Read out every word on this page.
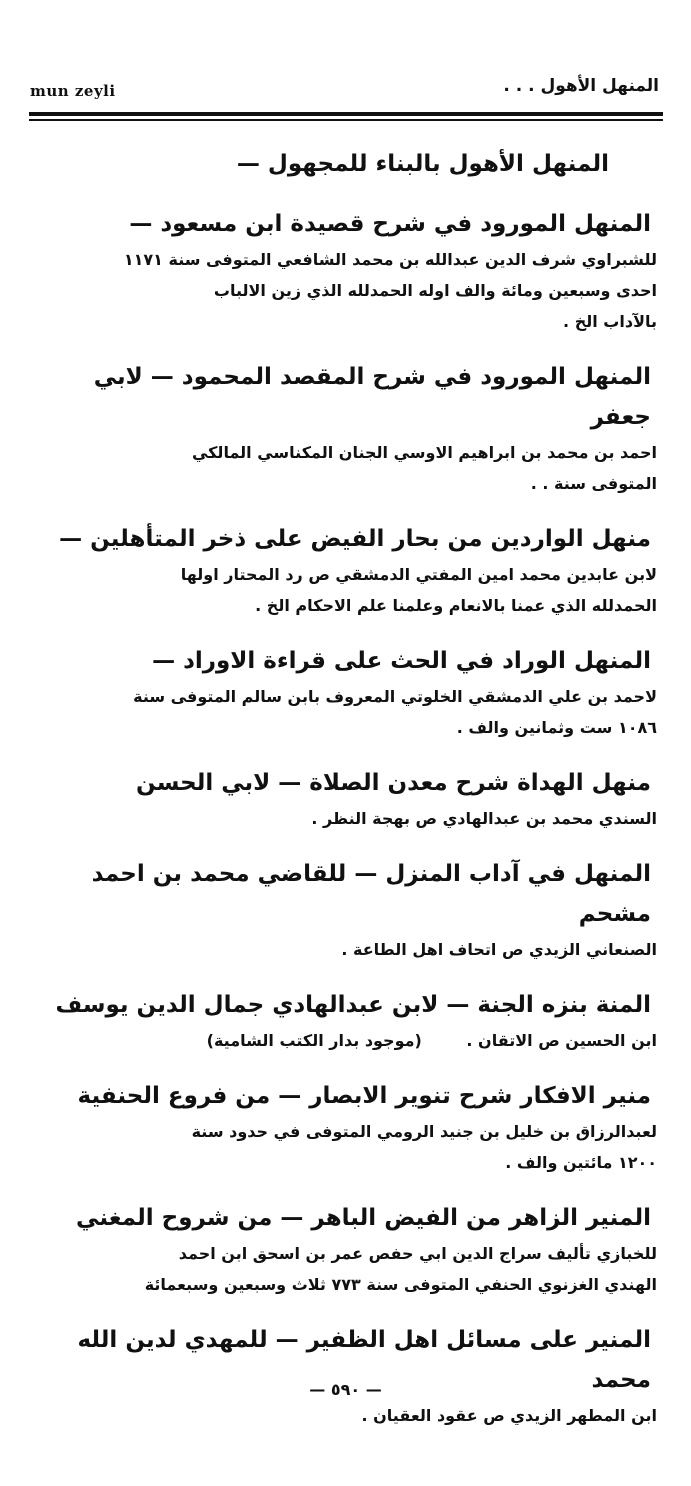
mun zeyli	المنهل الأهول . . .
المنهل الأهول بالبناء للمجهول —
المنهل المورود في شرح قصيدة ابن مسعود —
للشبراوي شرف الدين عبدالله بن محمد الشافعي المتوفى سنة ١١٧١
احدى وسبعين ومائة والف اوله الحمدلله الذي زين الالباب
بالآداب الخ .
المنهل المورود في شرح المقصد المحمود — لابي جعفر
احمد بن محمد بن ابراهيم الاوسي الجنان المكناسي المالكي
المتوفى سنة . .
منهل الواردين من بحار الفيض على ذخر المتأهلين —
لابن عابدين محمد امين المفتي الدمشقي ص رد المحتار اولها
الحمدلله الذي عمنا بالانعام وعلمنا علم الاحكام الخ .
المنهل الوراد في الحث على قراءة الاوراد —
لاحمد بن علي الدمشقي الخلوتي المعروف بابن سالم المتوفى سنة
١٠٨٦ ست وثمانين والف .
منهل الهداة شرح معدن الصلاة — لابي الحسن
السندي محمد بن عبدالهادي ص بهجة النظر .
المنهل في آداب المنزل — للقاضي محمد بن احمد مشحم
الصنعاني الزيدي ص اتحاف اهل الطاعة .
المنة بنزه الجنة — لابن عبدالهادي جمال الدين يوسف
ابن الحسين ص الاتقان .        (موجود بدار الكتب الشامية)
منير الافكار شرح تنوير الابصار — من فروع الحنفية
لعبدالرزاق بن خليل بن جنيد الرومي المتوفى في حدود سنة
١٢٠٠ مائتين والف .
المنير الزاهر من الفيض الباهر — من شروح المغني
للخبازي تأليف سراج الدين ابي حفص عمر بن اسحق ابن احمد
الهندي الغزنوي الحنفي المتوفى سنة ٧٧٣ ثلاث وسبعين وسبعمائة
المنير على مسائل اهل الظفير — للمهدي لدين الله محمد
ابن المطهر الزيدي ص عقود العقيان .
— ٥٩٠ —
